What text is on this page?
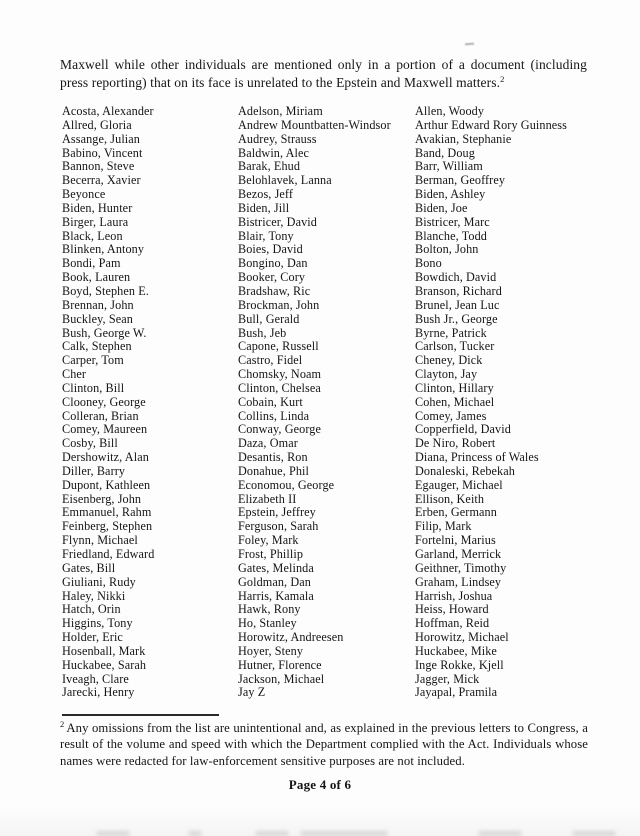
Maxwell while other individuals are mentioned only in a portion of a document (including press reporting) that on its face is unrelated to the Epstein and Maxwell matters.$^2$

Acosta, Alexander
Allred, Gloria
Assange, Julian
Babino, Vincent
Bannon, Steve
Becerra, Xavier
Beyonce
Biden, Hunter
Birger, Laura
Black, Leon
Blinken, Antony
Bondi, Pam
Book, Lauren
Boyd, Stephen E.
Brennan, John
Buckley, Sean
Bush, George W.
Calk, Stephen
Carper, Tom
Cher
Clinton, Bill
Clooney, George
Colleran, Brian
Comey, Maureen
Cosby, Bill
Dershowitz, Alan
Diller, Barry
Dupont, Kathleen
Eisenberg, John
Emmanuel, Rahm
Feinberg, Stephen
Flynn, Michael
Friedland, Edward
Gates, Bill
Giuliani, Rudy
Haley, Nikki
Hatch, Orin
Higgins, Tony
Holder, Eric
Hosenball, Mark
Huckabee, Sarah
Iveagh, Clare
Jarecki, Henry
Adelson, Miriam
Andrew Mountbatten-Windsor
Audrey, Strauss
Baldwin, Alec
Barak, Ehud
Belohlavek, Lanna
Bezos, Jeff
Biden, Jill
Bistricer, David
Blair, Tony
Boies, David
Bongino, Dan
Booker, Cory
Bradshaw, Ric
Brockman, John
Bull, Gerald
Bush, Jeb
Capone, Russell
Castro, Fidel
Chomsky, Noam
Clinton, Chelsea
Cobain, Kurt
Collins, Linda
Conway, George
Daza, Omar
Desantis, Ron
Donahue, Phil
Economou, George
Elizabeth II
Epstein, Jeffrey
Ferguson, Sarah
Foley, Mark
Frost, Phillip
Gates, Melinda
Goldman, Dan
Harris, Kamala
Hawk, Rony
Ho, Stanley
Horowitz, Andreesen
Hoyer, Steny
Hutner, Florence
Jackson, Michael
Jay Z
Allen, Woody
Arthur Edward Rory Guinness
Avakian, Stephanie
Band, Doug
Barr, William
Berman, Geoffrey
Biden, Ashley
Biden, Joe
Bistricer, Marc
Blanche, Todd
Bolton, John
Bono
Bowdich, David
Branson, Richard
Brunel, Jean Luc
Bush Jr., George
Byrne, Patrick
Carlson, Tucker
Cheney, Dick
Clayton, Jay
Clinton, Hillary
Cohen, Michael
Comey, James
Copperfield, David
De Niro, Robert
Diana, Princess of Wales
Donaleski, Rebekah
Egauger, Michael
Ellison, Keith
Erben, Germann
Filip, Mark
Fortelni, Marius
Garland, Merrick
Geithner, Timothy
Graham, Lindsey
Harrish, Joshua
Heiss, Howard
Hoffman, Reid
Horowitz, Michael
Huckabee, Mike
Inge Rokke, Kjell
Jagger, Mick
Jayapal, Pramila

$^2$ Any omissions from the list are unintentional and, as explained in the previous letters to Congress, a result of the volume and speed with which the Department complied with the Act. Individuals whose names were redacted for law-enforcement sensitive purposes are not included.

Page 4 of 6
